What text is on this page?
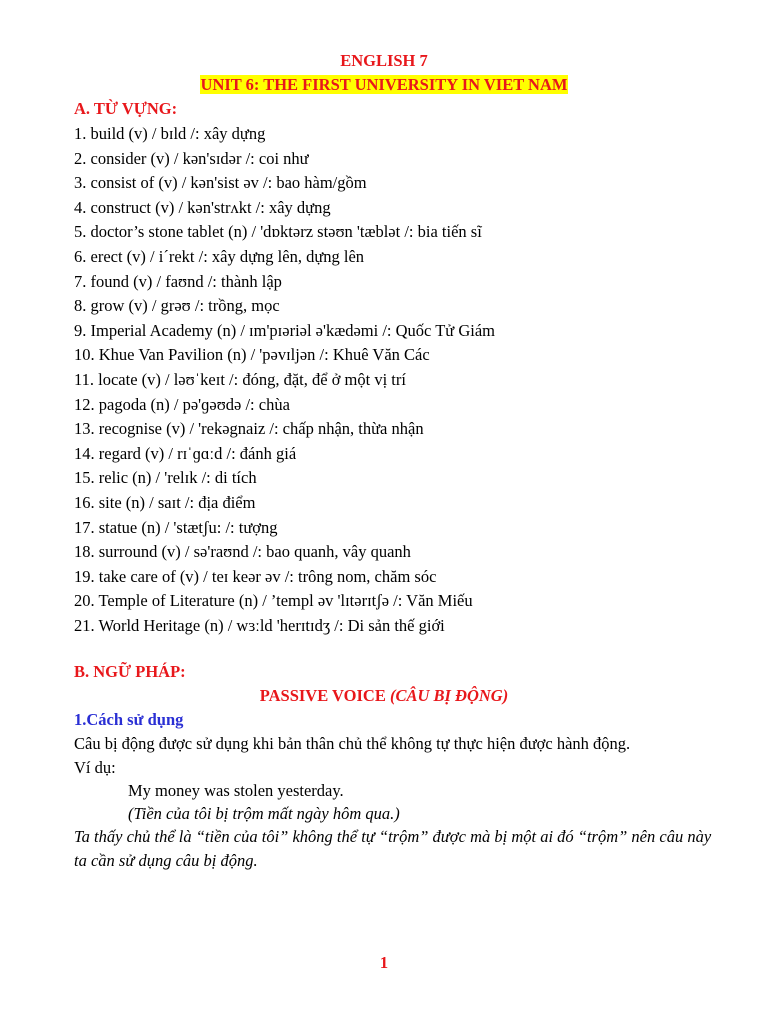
ENGLISH 7
UNIT 6: THE FIRST UNIVERSITY IN VIET NAM
A. TỪ VỰNG:
1. build (v) / bɪld /: xây dựng
2. consider (v) / kən'sɪdər /: coi như
3. consist of (v) / kən'sist əv /: bao hàm/gồm
4. construct (v) / kən'strʌkt /: xây dựng
5. doctor’s stone tablet (n) / 'dɒktərz stəʊn 'tæblət /: bia tiến sĩ
6. erect (v) / i´rekt /: xây dựng lên, dựng lên
7. found (v) / faʊnd /: thành lập
8. grow (v) / grəʊ /: trồng, mọc
9. Imperial Academy (n) / ɪm'pɪəriəl ə'kædəmi /: Quốc Tử Giám
10. Khue Van Pavilion (n) / 'pəvɪljən /: Khuê Văn Các
11. locate (v) / ləʊˈkeɪt /: đóng, đặt, để ở một vị trí
12. pagoda (n) / pə'ɡəʊdə /: chùa
13. recognise (v) / 'rekəgnaiz /: chấp nhận, thừa nhận
14. regard (v) / rɪˈɡɑːd /: đánh giá
15. relic (n) / 'relɪk /: di tích
16. site (n) / saɪt /: địa điểm
17. statue (n) / 'stætʃu: /: tượng
18. surround (v) / sə'raʊnd /: bao quanh, vây quanh
19. take care of (v) / teɪ keər əv /: trông nom, chăm sóc
20. Temple of Literature (n) / ’templ əv 'lɪtərɪtʃə /: Văn Miếu
21. World Heritage (n) / wɜːld 'herɪtɪdʒ /: Di sản thế giới
B. NGỮ PHÁP:
PASSIVE VOICE (CÂU BỊ ĐỘNG)
1.Cách sử dụng
Câu bị động được sử dụng khi bản thân chủ thể không tự thực hiện được hành động.
Ví dụ:
My money was stolen yesterday.
(Tiền của tôi bị trộm mất ngày hôm qua.)
Ta thấy chủ thể là “tiền của tôi” không thể tự “trộm” được mà bị một ai đó “trộm” nên câu này ta cần sử dụng câu bị động.
1
